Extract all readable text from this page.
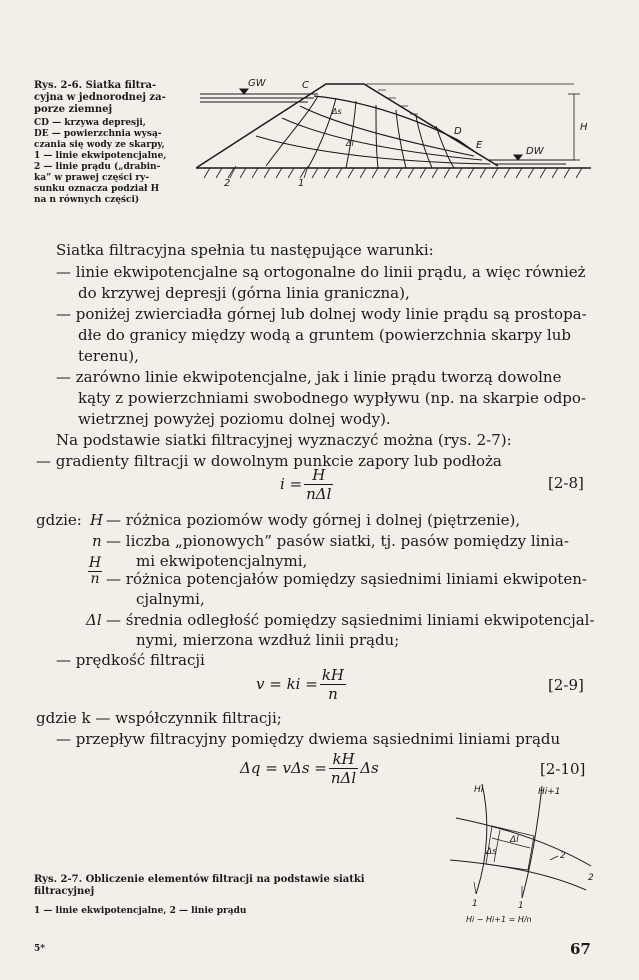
Rys. 2-6. Siatka filtra-
cyjna w jednorodnej za-
porze ziemnej
CD — krzywa depresji,
DE — powierzchnia wysą-
czania się wody ze skarpy,
1 — linie ekwipotencjalne,
2 — linie prądu („drabin-
ka” w prawej części ry-
sunku oznacza podział H
na n równych części)
GW	C
D
E
DW
H
Δs
Δl
2	1
Siatka filtracyjna spełnia tu następujące warunki:
— linie ekwipotencjalne są ortogonalne do linii prądu, a więc również
do krzywej depresji (górna linia graniczna),
— poniżej zwierciadła górnej lub dolnej wody linie prądu są prostopa-
dłe do granicy między wodą a gruntem (powierzchnia skarpy lub
terenu),
— zarówno linie ekwipotencjalne, jak i linie prądu tworzą dowolne
kąty z powierzchniami swobodnego wypływu (np. na skarpie odpo-
wietrznej powyżej poziomu dolnej wody).
Na podstawie siatki filtracyjnej wyznaczyć można (rys. 2-7):
— gradienty filtracji w dowolnym punkcie zapory lub podłoża
$i = \frac{H}{\text{nΔl}}$	[2-8]
gdzie: H — różnica poziomów wody górnej i dolnej (piętrzenie),
n — liczba „pionowych” pasów siatki, tj. pasów pomiędzy linia-
mi ekwipotencjalnymi,
$\frac{H}{n}$ — różnica potencjałów pomiędzy sąsiednimi liniami ekwipoten-
cjalnymi,
Δl — średnia odległość pomiędzy sąsiednimi liniami ekwipotencjal-
nymi, mierzona wzdłuż linii prądu;
— prędkość filtracji
v = ki = $\frac{kH}{n}$	[2-9]
gdzie k — współczynnik filtracji;
— przepływ filtracyjny pomiędzy dwiema sąsiednimi liniami prądu
$\Delta q = v\Delta s = \frac{kH}{\text{nΔl}}$ Δs	[2-10]
Hi	Hi+1
Δl
Δs	2
2
1	1
Hi − Hi+1 = H/n
Rys. 2-7. Obliczenie elementów filtracji na podstawie siatki
filtracyjnej
1 — linie ekwipotencjalne, 2 — linie prądu
5*	67
